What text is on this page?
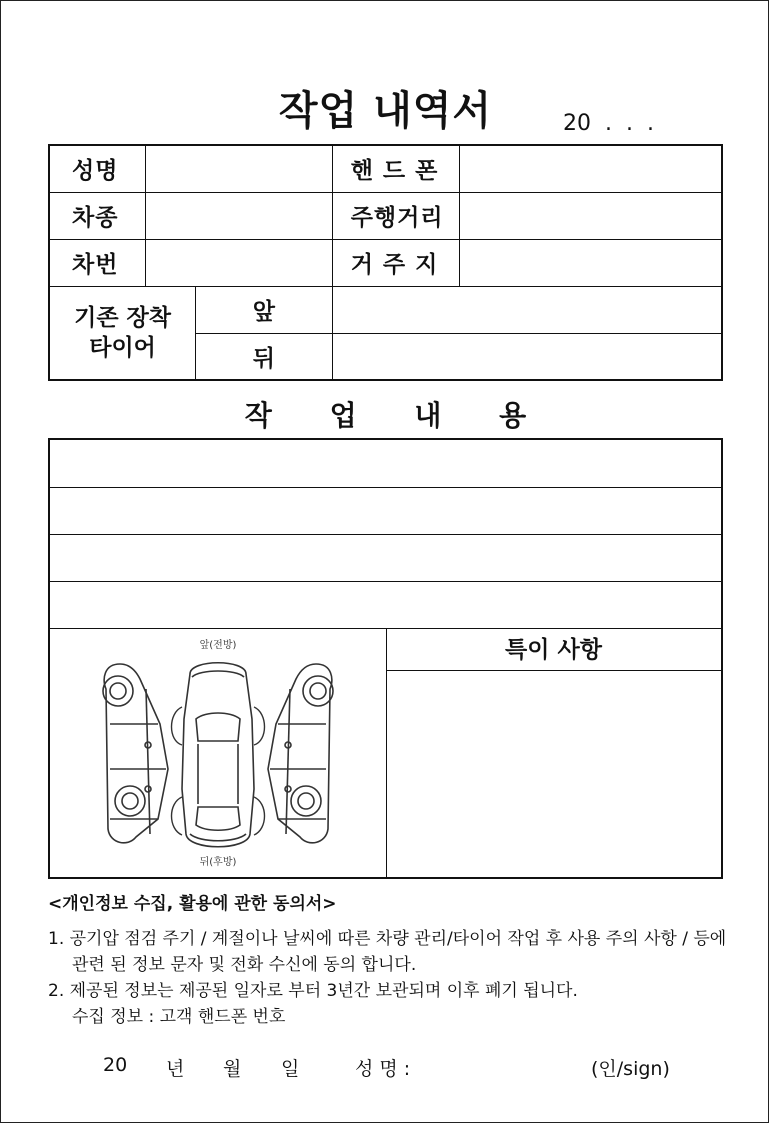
작업 내역서	20  .  .  .
성명			핸 드 폰	
차종			주행거리	
차번			거 주 지	

기존 장착
타이어		앞		
		뒤		
작 업 내 용
특이 사항
앞(전방)
뒤(후방)
<개인정보 수집, 활용에 관한 동의서>
1. 공기압 점검 주기 / 계절이나 날씨에 따른 차량 관리/타이어 작업 후 사용 주의 사항 / 등에 관련 된 정보 문자 및 전화 수신에 동의 합니다.
2. 제공된 정보는 제공된 일자로 부터 3년간 보관되며 이후 폐기 됩니다.
수집 정보 : 고객 핸드폰 번호
20 년 월 일	성 명 :	(인/sign)
